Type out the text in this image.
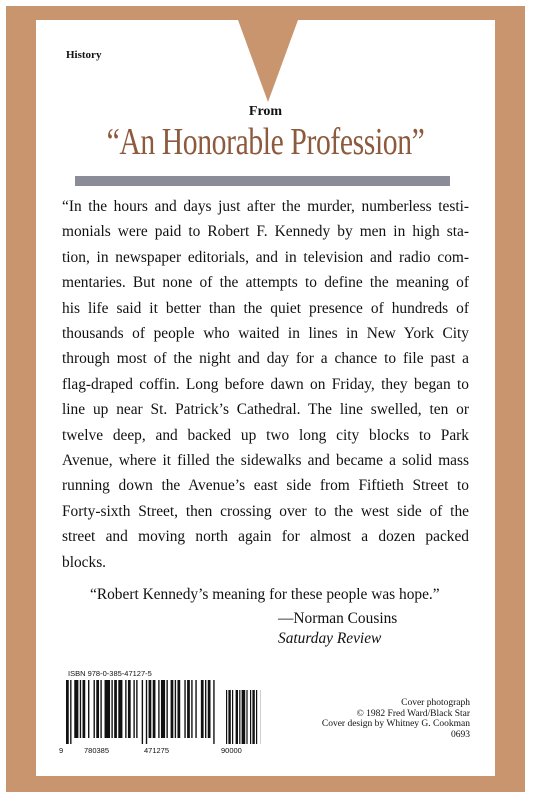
History
From
“An Honorable Profession”
“In the hours and days just after the murder, numberless testi-
monials were paid to Robert F. Kennedy by men in high sta-
tion, in newspaper editorials, and in television and radio com-
mentaries. But none of the attempts to define the meaning of
his life said it better than the quiet presence of hundreds of
thousands of people who waited in lines in New York City
through most of the night and day for a chance to file past a
flag-draped coffin. Long before dawn on Friday, they began to
line up near St. Patrick’s Cathedral. The line swelled, ten or
twelve deep, and backed up two long city blocks to Park
Avenue, where it filled the sidewalks and became a solid mass
running down the Avenue’s east side from Fiftieth Street to
Forty-sixth Street, then crossing over to the west side of the
street and moving north again for almost a dozen packed
blocks.
“Robert Kennedy’s meaning for these people was hope.”
—Norman Cousins
Saturday Review
ISBN 978-0-385-47127-5
9	780385	471275	90000
Cover photograph
© 1982 Fred Ward/Black Star
Cover design by Whitney G. Cookman
0693
